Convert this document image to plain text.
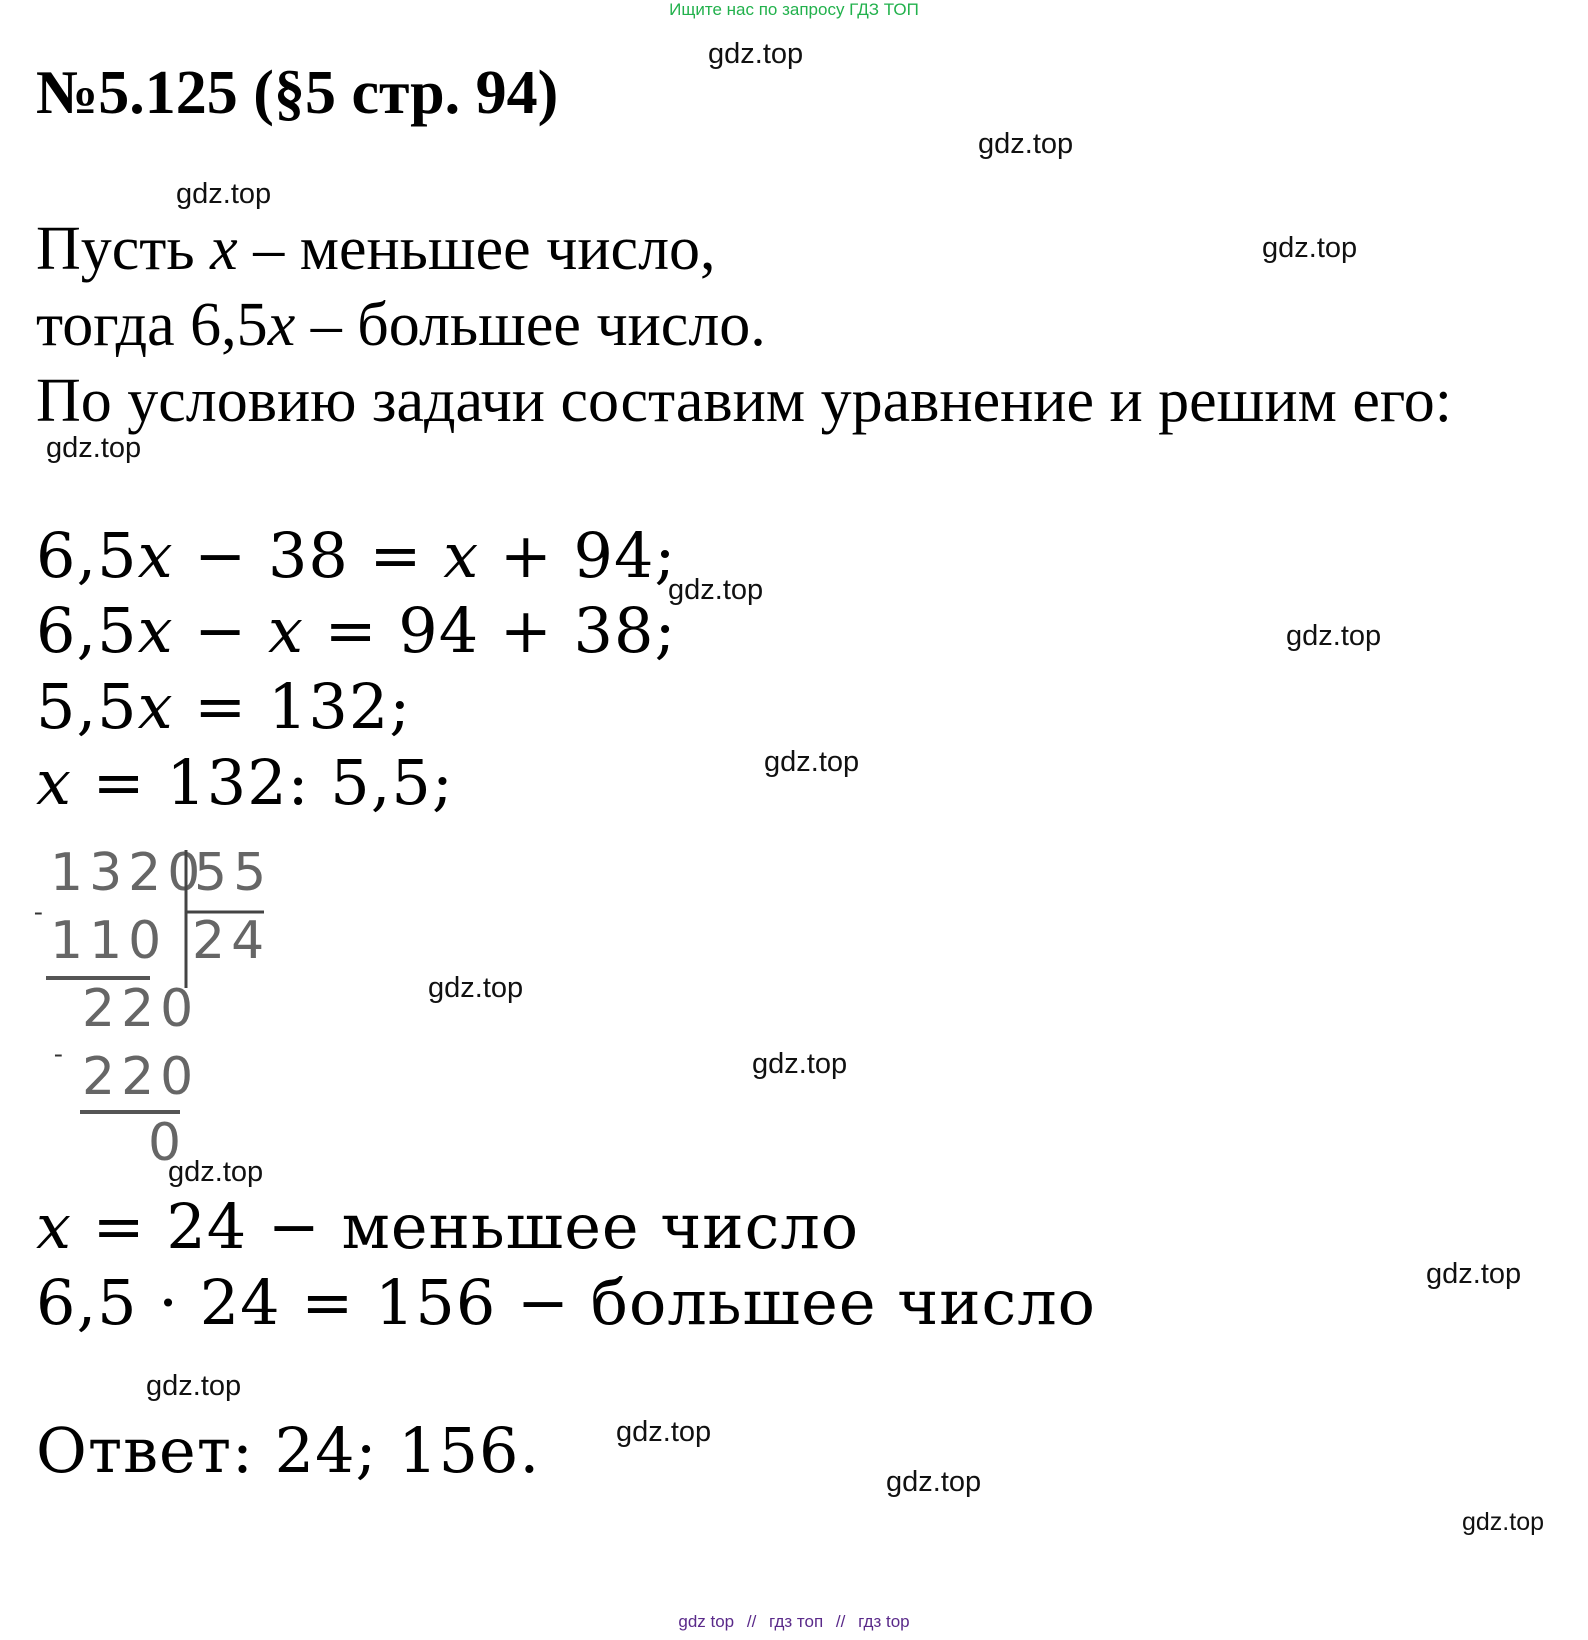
Ищите нас по запросу ГДЗ ТОП
№5.125 (§5 стр. 94)
gdz.top
gdz.top
gdz.top
gdz.top
gdz.top
gdz.top
gdz.top
gdz.top
gdz.top
gdz.top
gdz.top
gdz.top
gdz.top
gdz.top
gdz.top
gdz.top
Пусть x – меньшее число,
тогда 6,5x – большее число.
По условию задачи составим уравнение и решим его:
6,5x − 38 = x + 94;
6,5x − x = 94 + 38;
5,5x = 132;
x = 132: 5,5;
1320
55
- 110 24
220
- 220
0
x = 24 − меньшее число
6,5 · 24 = 156 − большее число
Ответ: 24; 156.
gdz top // гдз топ // гдз top
